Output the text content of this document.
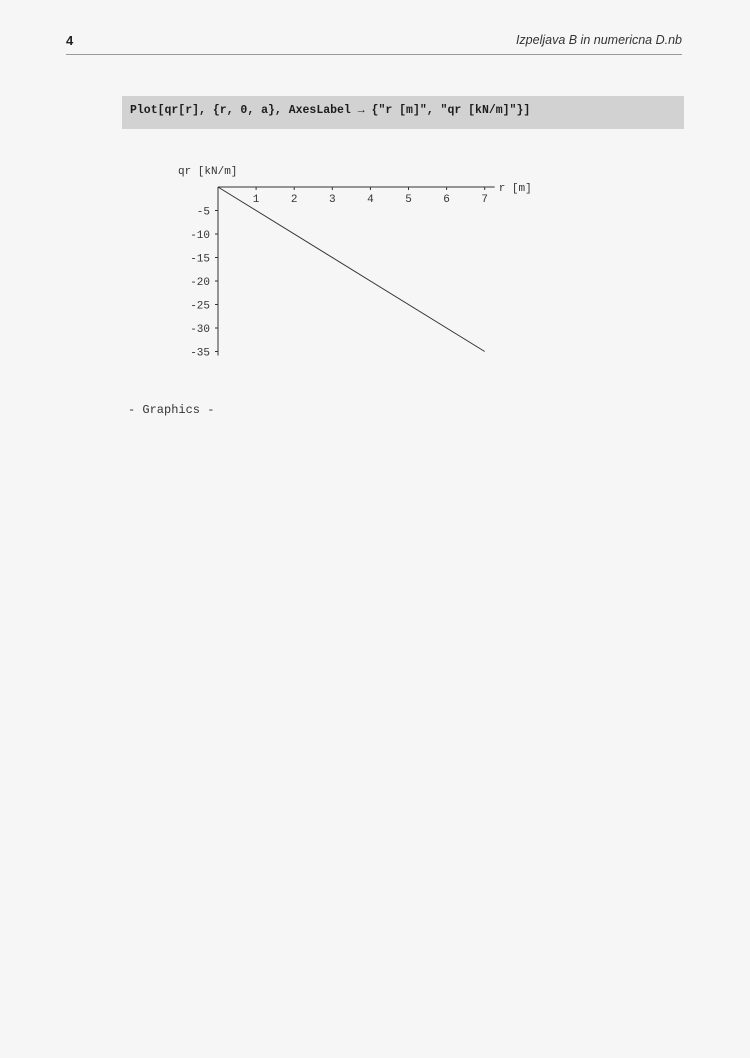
4	Izpeljava B in numericna D.nb
Plot[qr[r], {r, 0, a}, AxesLabel → {"r [m]", "qr [kN/m]"}]
1	2	3	4	5	6	7
-5
-10
-15
-20
-25
-30
-35
qr [kN/m]
r [m]
- Graphics -
